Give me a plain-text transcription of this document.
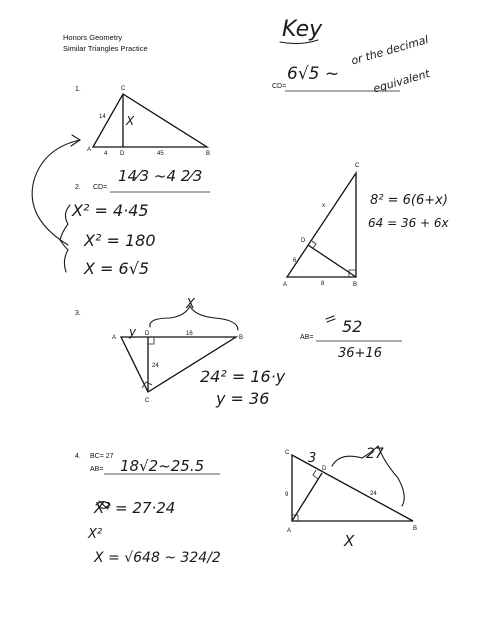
Honors Geometry
Similar Triangles Practice
Key
1.	CD=
6√5 ~
or the decimal
equivalent
2. CD=
14⁄3 ~4 2⁄3
X² = 4·45
X² = 180
X = 6√5
8² = 6(6+x)
64 = 36 + 6x
3.
AB=
52
36+16
24² = 16·y
y = 36
4. BC= 27
AB= 18√2~25.5
X² = 27·24
X²
X = √648 ~ 324/2
C
A
D	B
14
4	45
X
C
D
A	B
x
6
8
A
D
B
C
y	16
24
X
C
A	B
D
9	24
3	27
X
